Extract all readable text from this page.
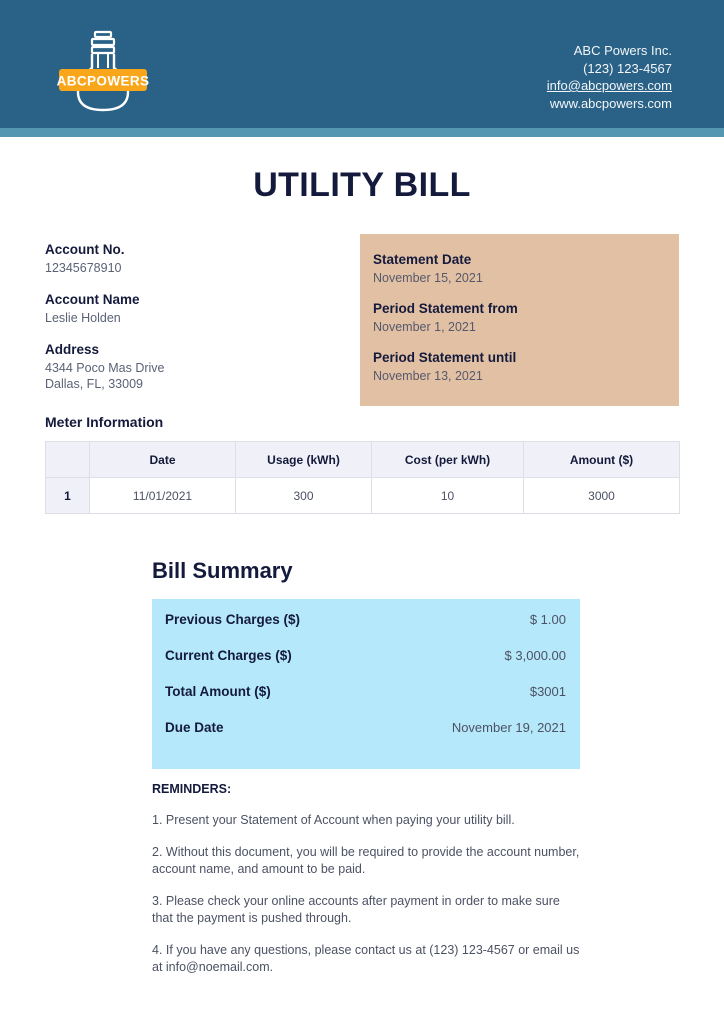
ABCPOWERS
ABC Powers Inc.
(123) 123-4567
info@abcpowers.com
www.abcpowers.com
UTILITY BILL
Account No.
12345678910
Account Name
Leslie Holden
Address
4344 Poco Mas Drive
Dallas, FL, 33009
Statement Date
November 15, 2021
Period Statement from
November 1, 2021
Period Statement until
November 13, 2021
Meter Information
	Date	Usage (kWh)	Cost (per kWh)	Amount ($)
1	11/01/2021	300	10	3000
Bill Summary
Previous Charges ($)	$ 1.00
Current Charges ($)	$ 3,000.00
Total Amount ($)	$3001
Due Date	November 19, 2021
REMINDERS:
1. Present your Statement of Account when paying your utility bill.
2. Without this document, you will be required to provide the account number, account name, and amount to be paid.
3. Please check your online accounts after payment in order to make sure that the payment is pushed through.
4. If you have any questions, please contact us at (123) 123-4567 or email us at info@noemail.com.
